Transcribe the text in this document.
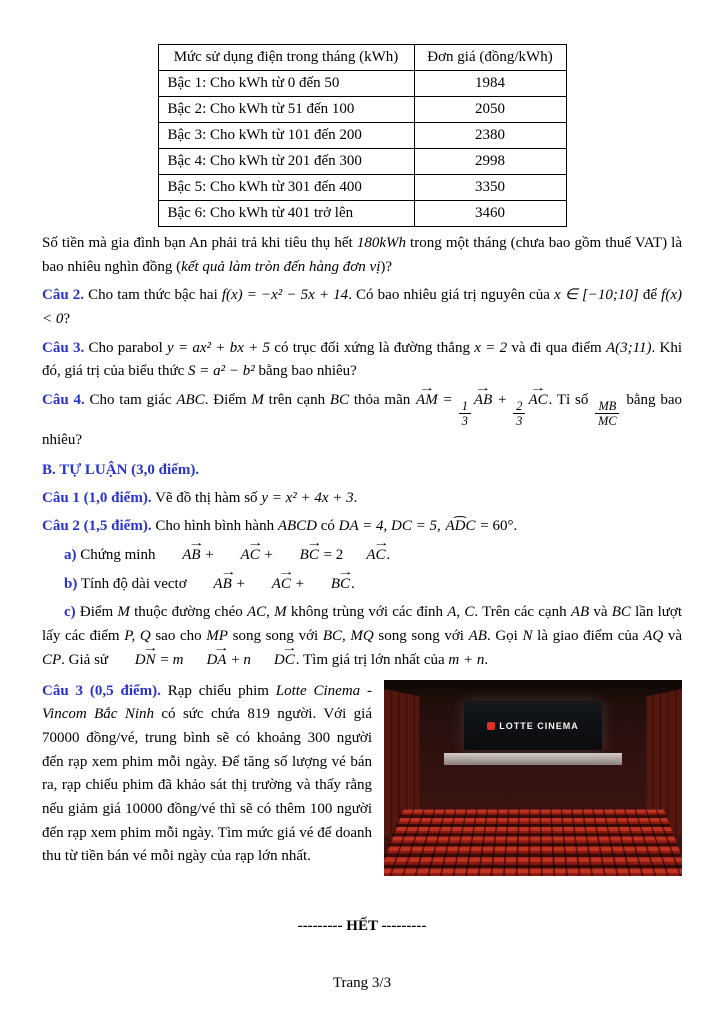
Mức sử dụng điện trong tháng (kWh)	Đơn giá (đồng/kWh)
Bậc 1: Cho kWh từ 0 đến 50	1984
Bậc 2: Cho kWh từ 51 đến 100	2050
Bậc 3: Cho kWh từ 101 đến 200	2380
Bậc 4: Cho kWh từ 201 đến 300	2998
Bậc 5: Cho kWh từ 301 đến 400	3350
Bậc 6: Cho kWh từ 401 trở lên	3460

Số tiền mà gia đình bạn An phải trả khi tiêu thụ hết 180kWh trong một tháng (chưa bao gồm thuế VAT) là bao nhiêu nghìn đồng (kết quả làm tròn đến hàng đơn vị)?

Câu 2. Cho tam thức bậc hai f(x) = −x² − 5x + 14. Có bao nhiêu giá trị nguyên của x ∈ [−10;10] để f(x) < 0?

Câu 3. Cho parabol y = ax² + bx + 5 có trục đối xứng là đường thẳng x = 2 và đi qua điểm A(3;11). Khi đó, giá trị của biểu thức S = a² − b² bằng bao nhiêu?

Câu 4. Cho tam giác ABC. Điểm M trên cạnh BC thỏa mãn → AM = $\frac{1}{3}$ → AB + $\frac{2}{3}$ → AC. Tỉ số $\frac{MB}{MC}$ bằng bao nhiêu?

B. TỰ LUẬN (3,0 điểm).

Câu 1 (1,0 điểm). Vẽ đồ thị hàm số y = x² + 4x + 3.

Câu 2 (1,5 điểm). Cho hình bình hành ABCD có DA = 4, DC = 5, ⌢ ADC = 60°.

a) Chứng minh → AB + → AC + → BC = 2 → AC.

b) Tính độ dài vectơ → AB + → AC + → BC.

c) Điểm M thuộc đường chéo AC, M không trùng với các đỉnh A, C. Trên các cạnh AB và BC lần lượt lấy các điểm P, Q sao cho MP song song với BC, MQ song song với AB. Gọi N là giao điểm của AQ và CP. Giả sử → DN = m → DA + n → DC. Tìm giá trị lớn nhất của m + n.

Câu 3 (0,5 điểm). Rạp chiếu phim Lotte Cinema - Vincom Bắc Ninh có sức chứa 819 người. Với giá 70000 đồng/vé, trung bình sẽ có khoảng 300 người đến rạp xem phim mỗi ngày. Để tăng số lượng vé bán ra, rạp chiếu phim đã khảo sát thị trường và thấy rằng nếu giảm giá 10000 đồng/vé thì sẽ có thêm 100 người đến rạp xem phim mỗi ngày. Tìm mức giá vé để doanh thu từ tiền bán vé mỗi ngày của rạp lớn nhất.

LOTTE CINEMA

--------- HẾT ---------

Trang 3/3
